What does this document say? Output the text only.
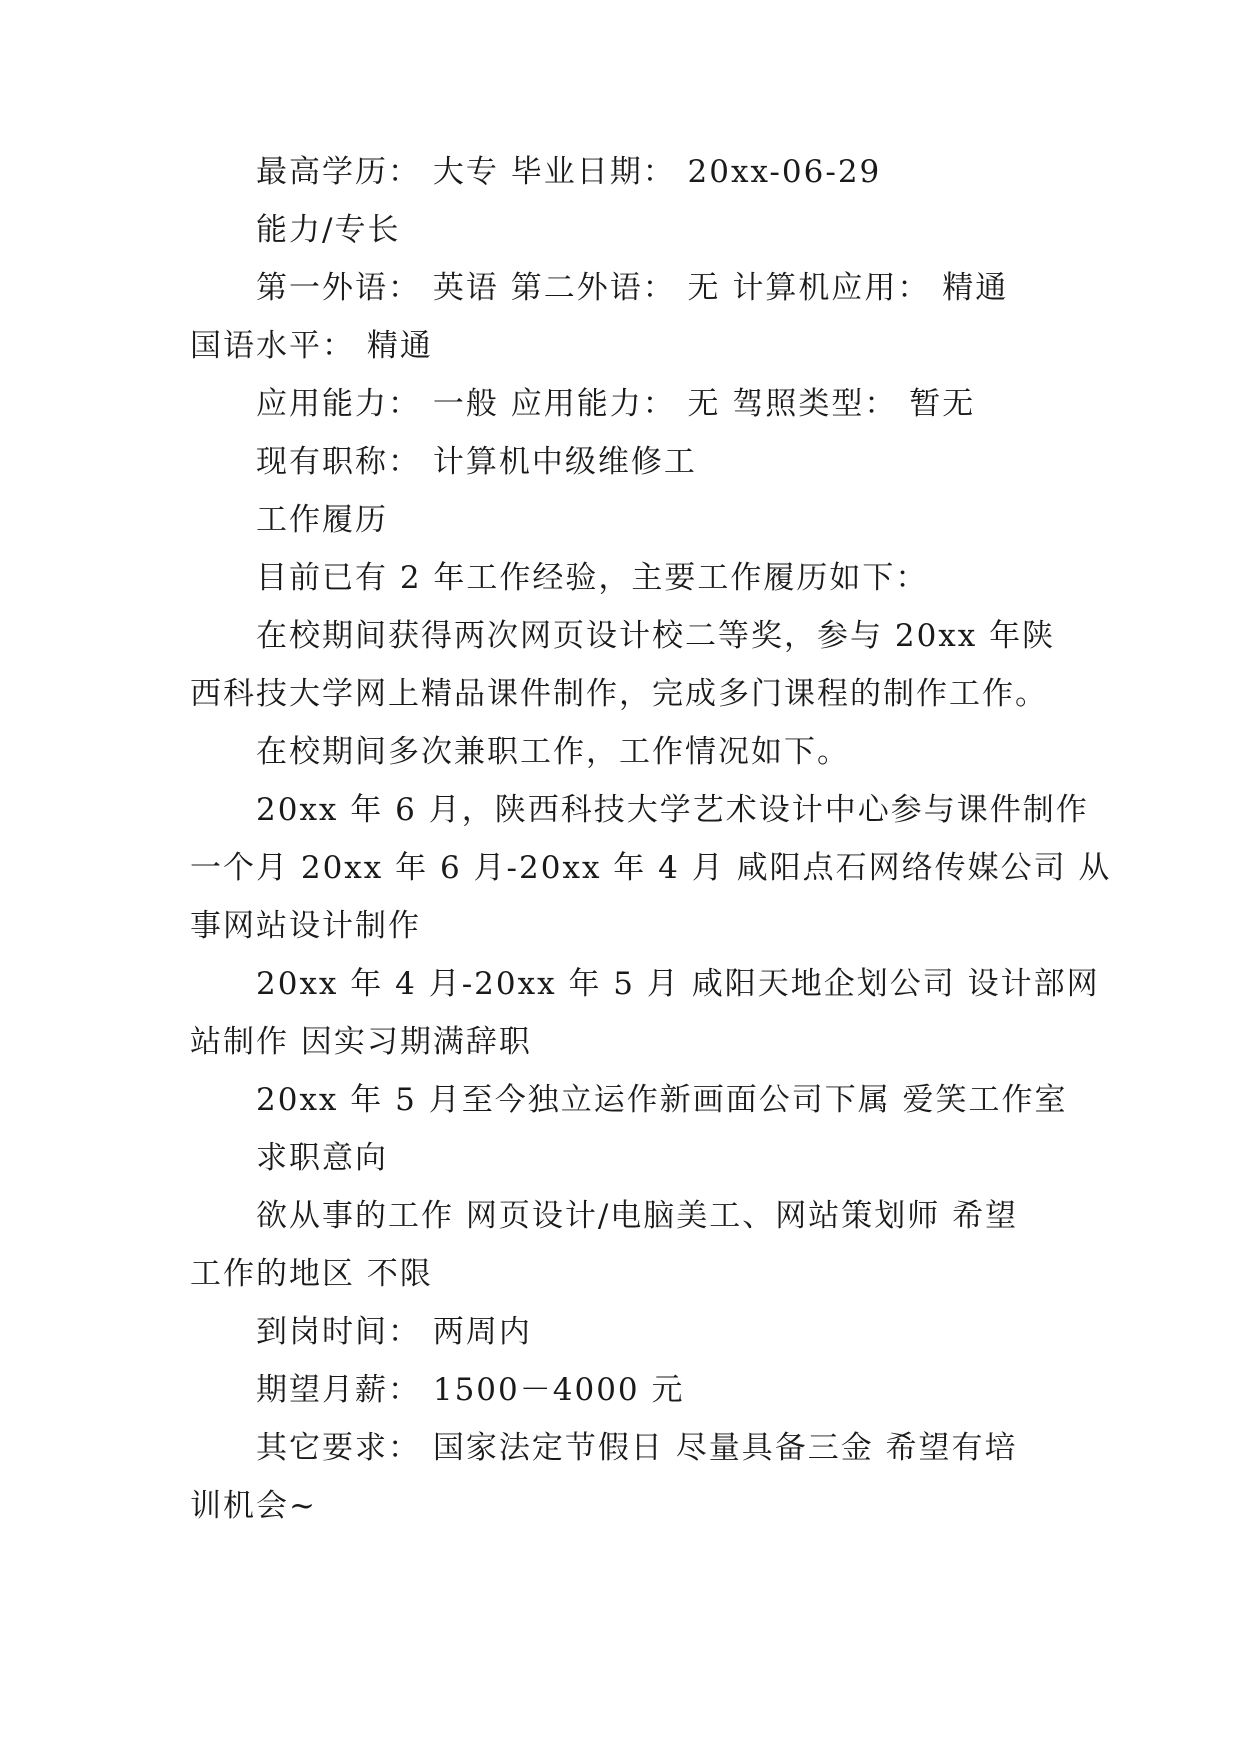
最高学历： 大专 毕业日期： 20xx-06-29
能力/专长
第一外语： 英语 第二外语： 无 计算机应用： 精通
国语水平： 精通
应用能力： 一般 应用能力： 无 驾照类型： 暂无
现有职称： 计算机中级维修工
工作履历
目前已有 2 年工作经验，主要工作履历如下：
在校期间获得两次网页设计校二等奖，参与 20xx 年陕
西科技大学网上精品课件制作，完成多门课程的制作工作。
在校期间多次兼职工作，工作情况如下。
20xx 年 6 月，陕西科技大学艺术设计中心参与课件制作
一个月 20xx 年 6 月-20xx 年 4 月 咸阳点石网络传媒公司 从
事网站设计制作
20xx 年 4 月-20xx 年 5 月 咸阳天地企划公司 设计部网
站制作 因实习期满辞职
20xx 年 5 月至今独立运作新画面公司下属 爱笑工作室
求职意向
欲从事的工作 网页设计/电脑美工、网站策划师 希望
工作的地区 不限
到岗时间： 两周内
期望月薪： 1500－4000 元
其它要求： 国家法定节假日 尽量具备三金 希望有培
训机会~
